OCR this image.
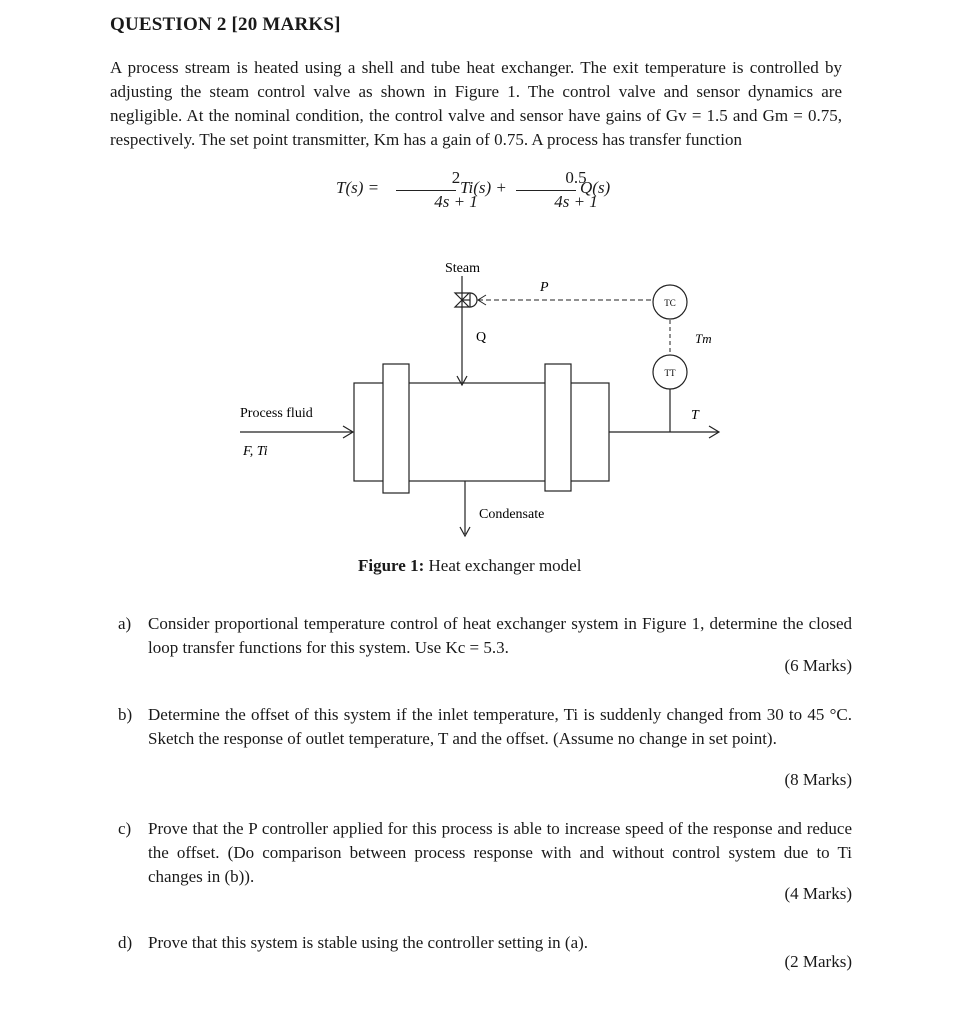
QUESTION 2 [20 MARKS]

A process stream is heated using a shell and tube heat exchanger. The exit temperature is controlled by adjusting the steam control valve as shown in Figure 1. The control valve and sensor dynamics are negligible. At the nominal condition, the control valve and sensor have gains of Gv = 1.5 and Gm = 0.75, respectively. The set point transmitter, Km has a gain of 0.75. A process has transfer function

T(s) =
2
4s + 1
Ti(s) +
0.5
4s + 1
Q(s)
Steam
P
Q
TC
Tm
TT
Process fluid
F, Ti
T
Condensate
Figure 1: Heat exchanger model
a) Consider proportional temperature control of heat exchanger system in Figure 1, determine the closed loop transfer functions for this system. Use Kc = 5.3.
(6 Marks)
b) Determine the offset of this system if the inlet temperature, Ti is suddenly changed from 30 to 45 °C. Sketch the response of outlet temperature, T and the offset. (Assume no change in set point).
(8 Marks)
c) Prove that the P controller applied for this process is able to increase speed of the response and reduce the offset. (Do comparison between process response with and without control system due to Ti changes in (b)).
(4 Marks)
d) Prove that this system is stable using the controller setting in (a).
(2 Marks)
